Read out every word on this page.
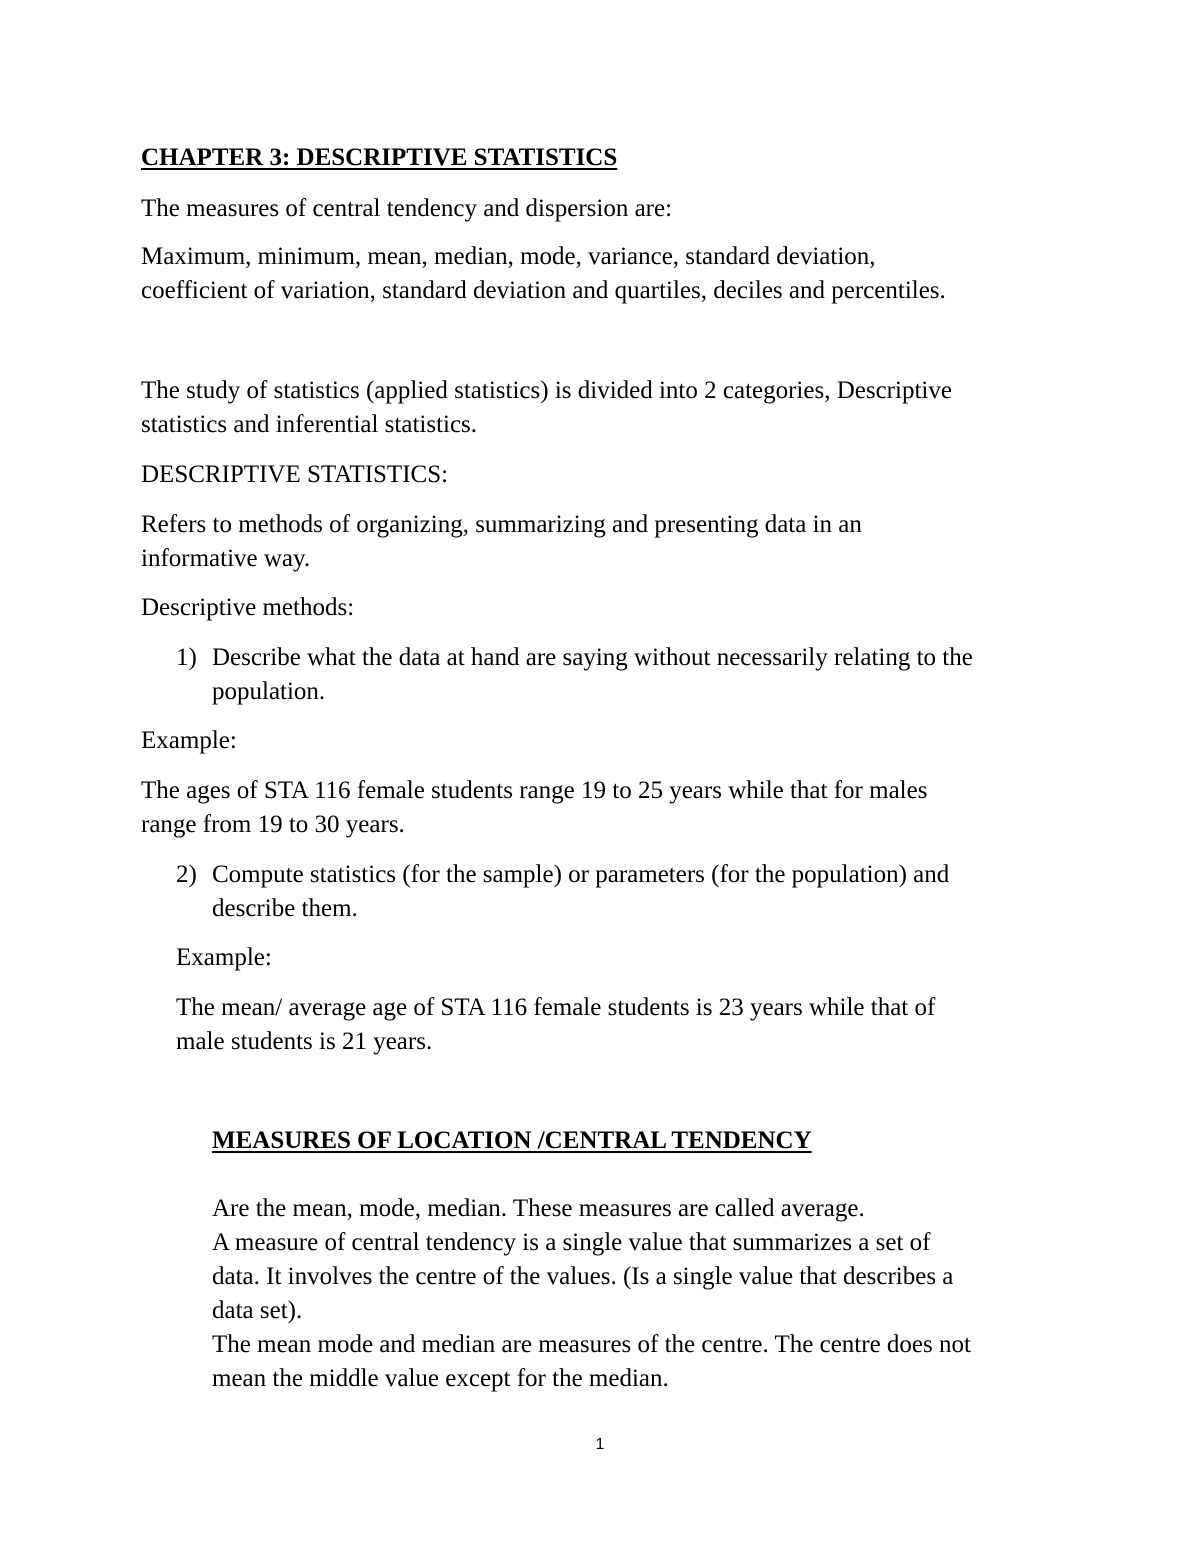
CHAPTER 3: DESCRIPTIVE STATISTICS

The measures of central tendency and dispersion are:

Maximum, minimum, mean, median, mode, variance, standard deviation,

coefficient of variation, standard deviation and quartiles, deciles and percentiles.

The study of statistics (applied statistics) is divided into 2 categories, Descriptive

statistics and inferential statistics.

DESCRIPTIVE STATISTICS:

Refers to methods of organizing, summarizing and presenting data in an

informative way.

Descriptive methods:

1) Describe what the data at hand are saying without necessarily relating to the

population.

Example:

The ages of STA 116 female students range 19 to 25 years while that for males

range from 19 to 30 years.

2) Compute statistics (for the sample) or parameters (for the population) and

describe them.

Example:

The mean/ average age of STA 116 female students is 23 years while that of

male students is 21 years.

MEASURES OF LOCATION /CENTRAL TENDENCY

Are the mean, mode, median. These measures are called average.

A measure of central tendency is a single value that summarizes a set of

data. It involves the centre of the values. (Is a single value that describes a

data set).

The mean mode and median are measures of the centre. The centre does not

mean the middle value except for the median.

1
